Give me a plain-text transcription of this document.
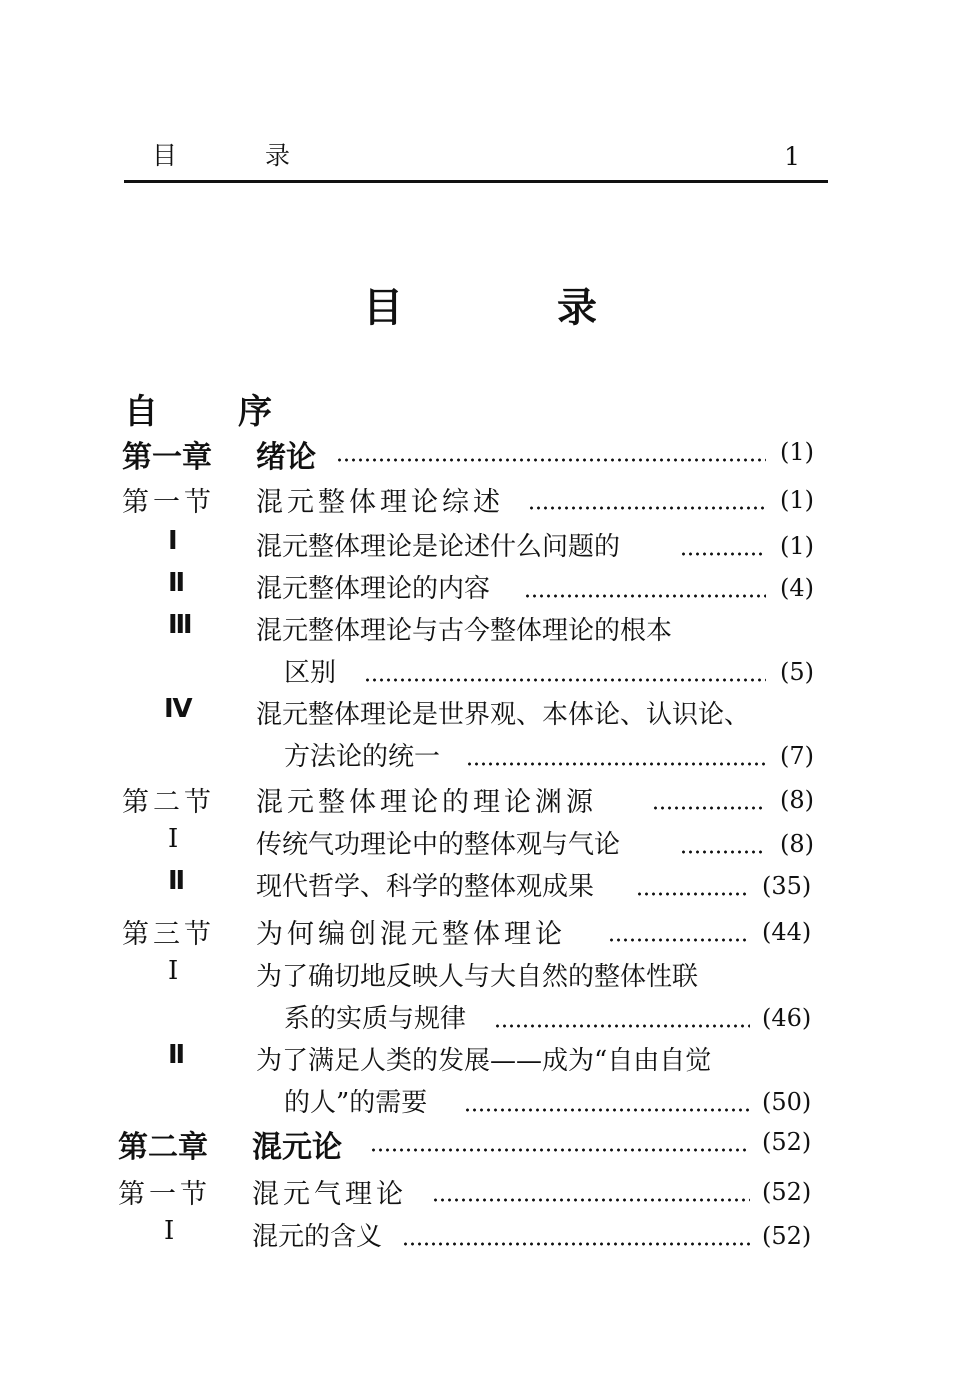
目 录	1
目 录
自 序
第一章 绪论	(1)
第一节 混元整体理论综述	(1)
Ⅰ	混元整体理论是论述什么问题的	(1)
Ⅱ	混元整体理论的内容	(4)
Ⅲ 混元整体理论与古今整体理论的根本
区别	(5)
Ⅳ 混元整体理论是世界观、本体论、认识论、
方法论的统一	(7)
第二节 混元整体理论的理论渊源	(8)
Ⅰ	传统气功理论中的整体观与气论	(8)
Ⅱ	现代哲学、科学的整体观成果	(35)
第三节 为何编创混元整体理论	(44)
Ⅰ	为了确切地反映人与大自然的整体性联
系的实质与规律	(46)
Ⅱ	为了满足人类的发展——成为“自由自觉
的人”的需要	(50)
第二章 混元论	(52)
第一节 混元气理论	(52)
Ⅰ	混元的含义	(52)
